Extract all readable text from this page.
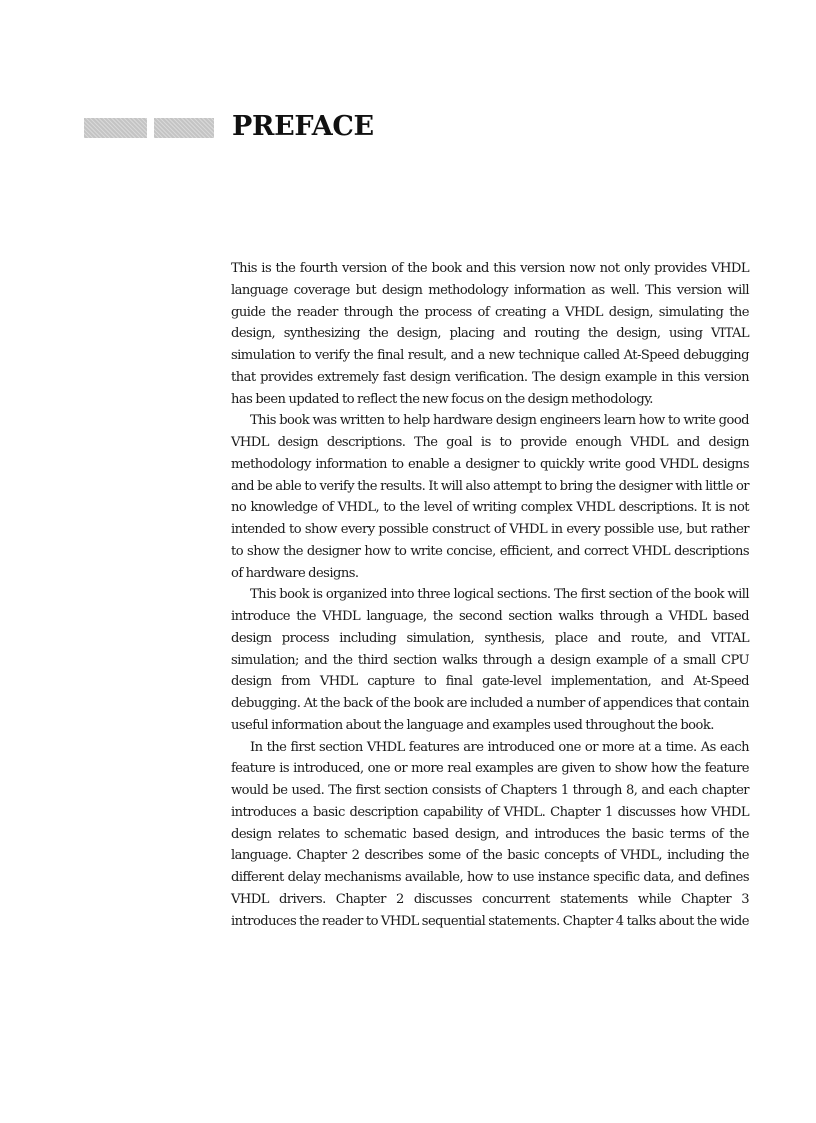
PREFACE

This is the fourth version of the book and this version now not only provides VHDL language coverage but design methodology information as well. This version will guide the reader through the process of creating a VHDL design, simulating the design, synthesizing the design, placing and routing the design, using VITAL simulation to verify the final result, and a new technique called At-Speed debugging that provides extremely fast design verification. The design example in this version has been updated to reflect the new focus on the design methodology.

This book was written to help hardware design engineers learn how to write good VHDL design descriptions. The goal is to provide enough VHDL and design methodology information to enable a designer to quickly write good VHDL designs and be able to verify the results. It will also attempt to bring the designer with little or no knowledge of VHDL, to the level of writing complex VHDL descriptions. It is not intended to show every possible construct of VHDL in every possible use, but rather to show the designer how to write concise, efficient, and correct VHDL descriptions of hardware designs.

This book is organized into three logical sections. The first section of the book will introduce the VHDL language, the second section walks through a VHDL based design process including simulation, synthesis, place and route, and VITAL simulation; and the third section walks through a design example of a small CPU design from VHDL capture to final gate-level implementation, and At-Speed debugging. At the back of the book are included a number of appendices that contain useful information about the language and examples used throughout the book.

In the first section VHDL features are introduced one or more at a time. As each feature is introduced, one or more real examples are given to show how the feature would be used. The first section consists of Chapters 1 through 8, and each chapter introduces a basic description capability of VHDL. Chapter 1 discusses how VHDL design relates to schematic based design, and introduces the basic terms of the language. Chapter 2 describes some of the basic concepts of VHDL, including the different delay mechanisms available, how to use instance specific data, and defines VHDL drivers. Chapter 2 discusses concurrent statements while Chapter 3 introduces the reader to VHDL sequential statements. Chapter 4 talks about the wide
